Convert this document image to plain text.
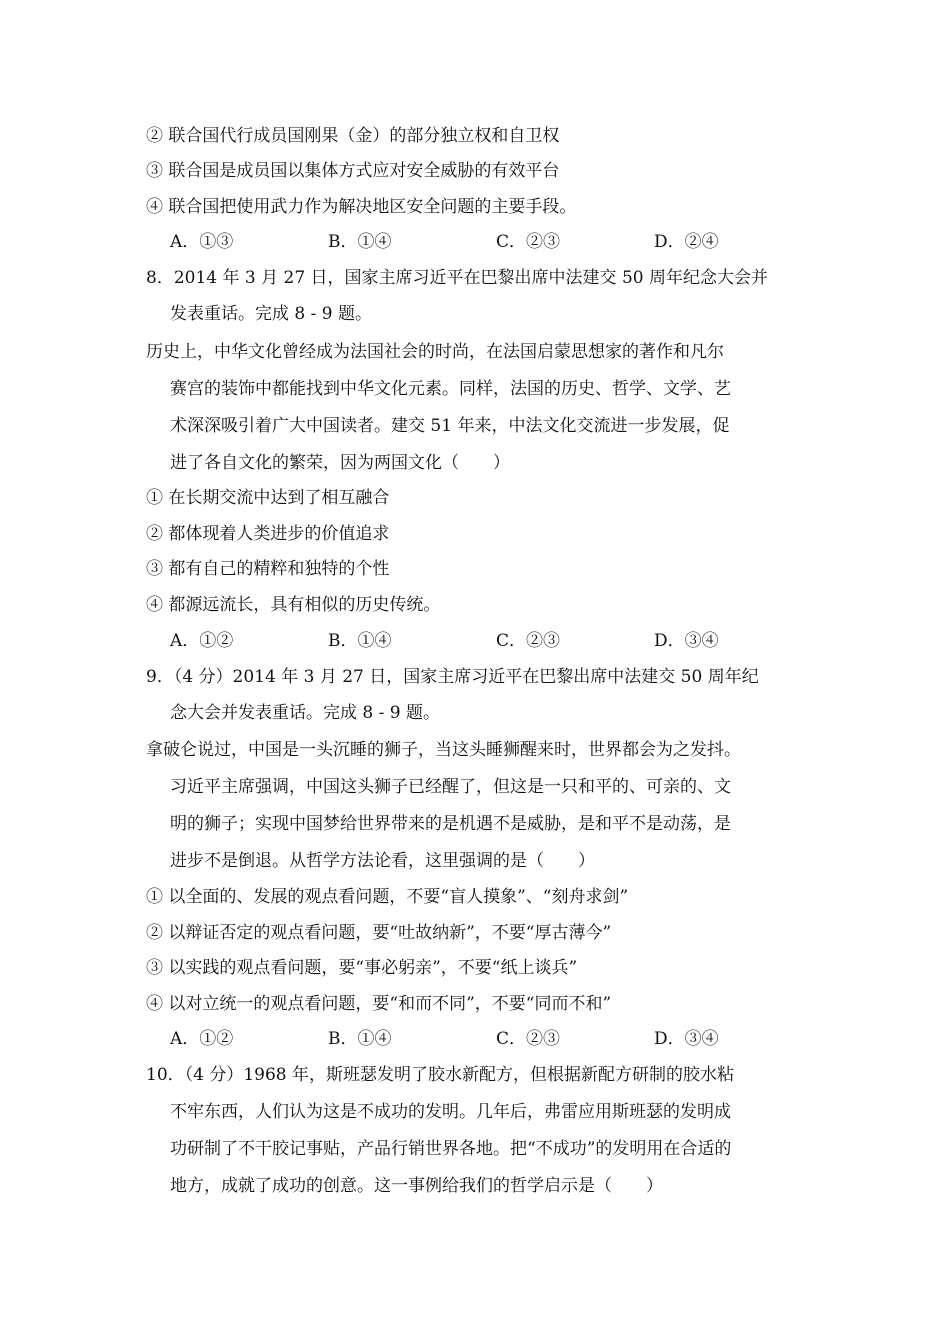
② 联合国代行成员国刚果（金）的部分独立权和自卫权
③ 联合国是成员国以集体方式应对安全威胁的有效平台
④ 联合国把使用武力作为解决地区安全问题的主要手段。
A．①③	B．①④	C．②③	D．②④
8．2014 年 3 月 27 日，国家主席习近平在巴黎出席中法建交 50 周年纪念大会并
发表重话。完成 8 - 9 题。
历史上，中华文化曾经成为法国社会的时尚，在法国启蒙思想家的著作和凡尔
赛宫的装饰中都能找到中华文化元素。同样，法国的历史、哲学、文学、艺
术深深吸引着广大中国读者。建交 51 年来，中法文化交流进一步发展，促
进了各自文化的繁荣，因为两国文化（　　）
① 在长期交流中达到了相互融合
② 都体现着人类进步的价值追求
③ 都有自己的精粹和独特的个性
④ 都源远流长，具有相似的历史传统。
A．①②	B．①④	C．②③	D．③④
9．（4 分）2014 年 3 月 27 日，国家主席习近平在巴黎出席中法建交 50 周年纪
念大会并发表重话。完成 8 - 9 题。
拿破仑说过，中国是一头沉睡的狮子，当这头睡狮醒来时，世界都会为之发抖。
习近平主席强调，中国这头狮子已经醒了，但这是一只和平的、可亲的、文
明的狮子；实现中国梦给世界带来的是机遇不是威胁，是和平不是动荡，是
进步不是倒退。从哲学方法论看，这里强调的是（　　）
① 以全面的、发展的观点看问题，不要“盲人摸象”、“刻舟求剑”
② 以辩证否定的观点看问题，要“吐故纳新”，不要“厚古薄今”
③ 以实践的观点看问题，要“事必躬亲”，不要“纸上谈兵”
④ 以对立统一的观点看问题，要“和而不同”，不要“同而不和”
A．①②	B．①④	C．②③	D．③④
10．（4 分）1968 年，斯班瑟发明了胶水新配方，但根据新配方研制的胶水粘
不牢东西，人们认为这是不成功的发明。几年后，弗雷应用斯班瑟的发明成
功研制了不干胶记事贴，产品行销世界各地。把“不成功”的发明用在合适的
地方，成就了成功的创意。这一事例给我们的哲学启示是（　　）
